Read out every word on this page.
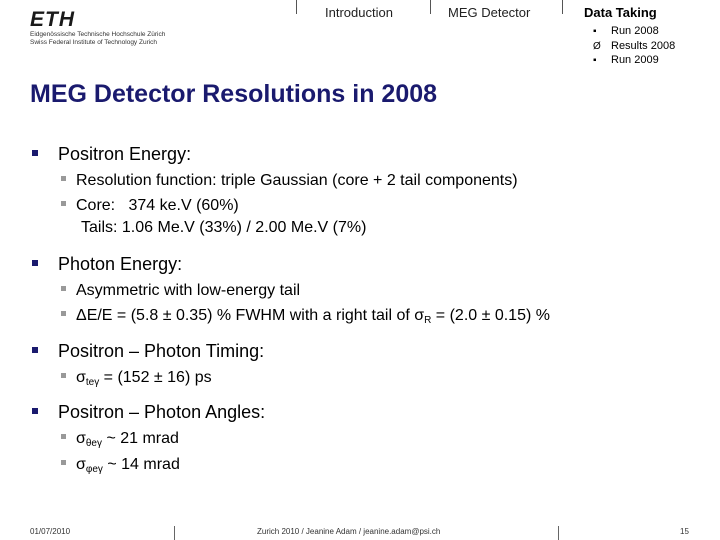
ETH
Eidgenössische Technische Hochschule Zürich
Swiss Federal Institute of Technology Zurich
Introduction	MEG Detector	Data Taking
▪ Run 2008
Ø Results 2008
▪ Run 2009
MEG Detector Resolutions in 2008
Positron Energy:
Resolution function: triple Gaussian (core + 2 tail components)
Core:   374 ke.V (60%)
Tails: 1.06 Me.V (33%) / 2.00 Me.V (7%)
Photon Energy:
Asymmetric with low-energy tail
ΔE/E = (5.8 ± 0.35) % FWHM with a right tail of $\sigma_R = (2.0 \pm 0.15)$ %
Positron – Photon Timing:
$\sigma_{te\gamma} = (152 \pm 16)$ ps
Positron – Photon Angles:
$\sigma_{\theta e\gamma}$ ~ 21 mrad
$\sigma_{\varphi e\gamma}$ ~ 14 mrad
01/07/2010	Zurich 2010 / Jeanine Adam / jeanine.adam@psi.ch	15
